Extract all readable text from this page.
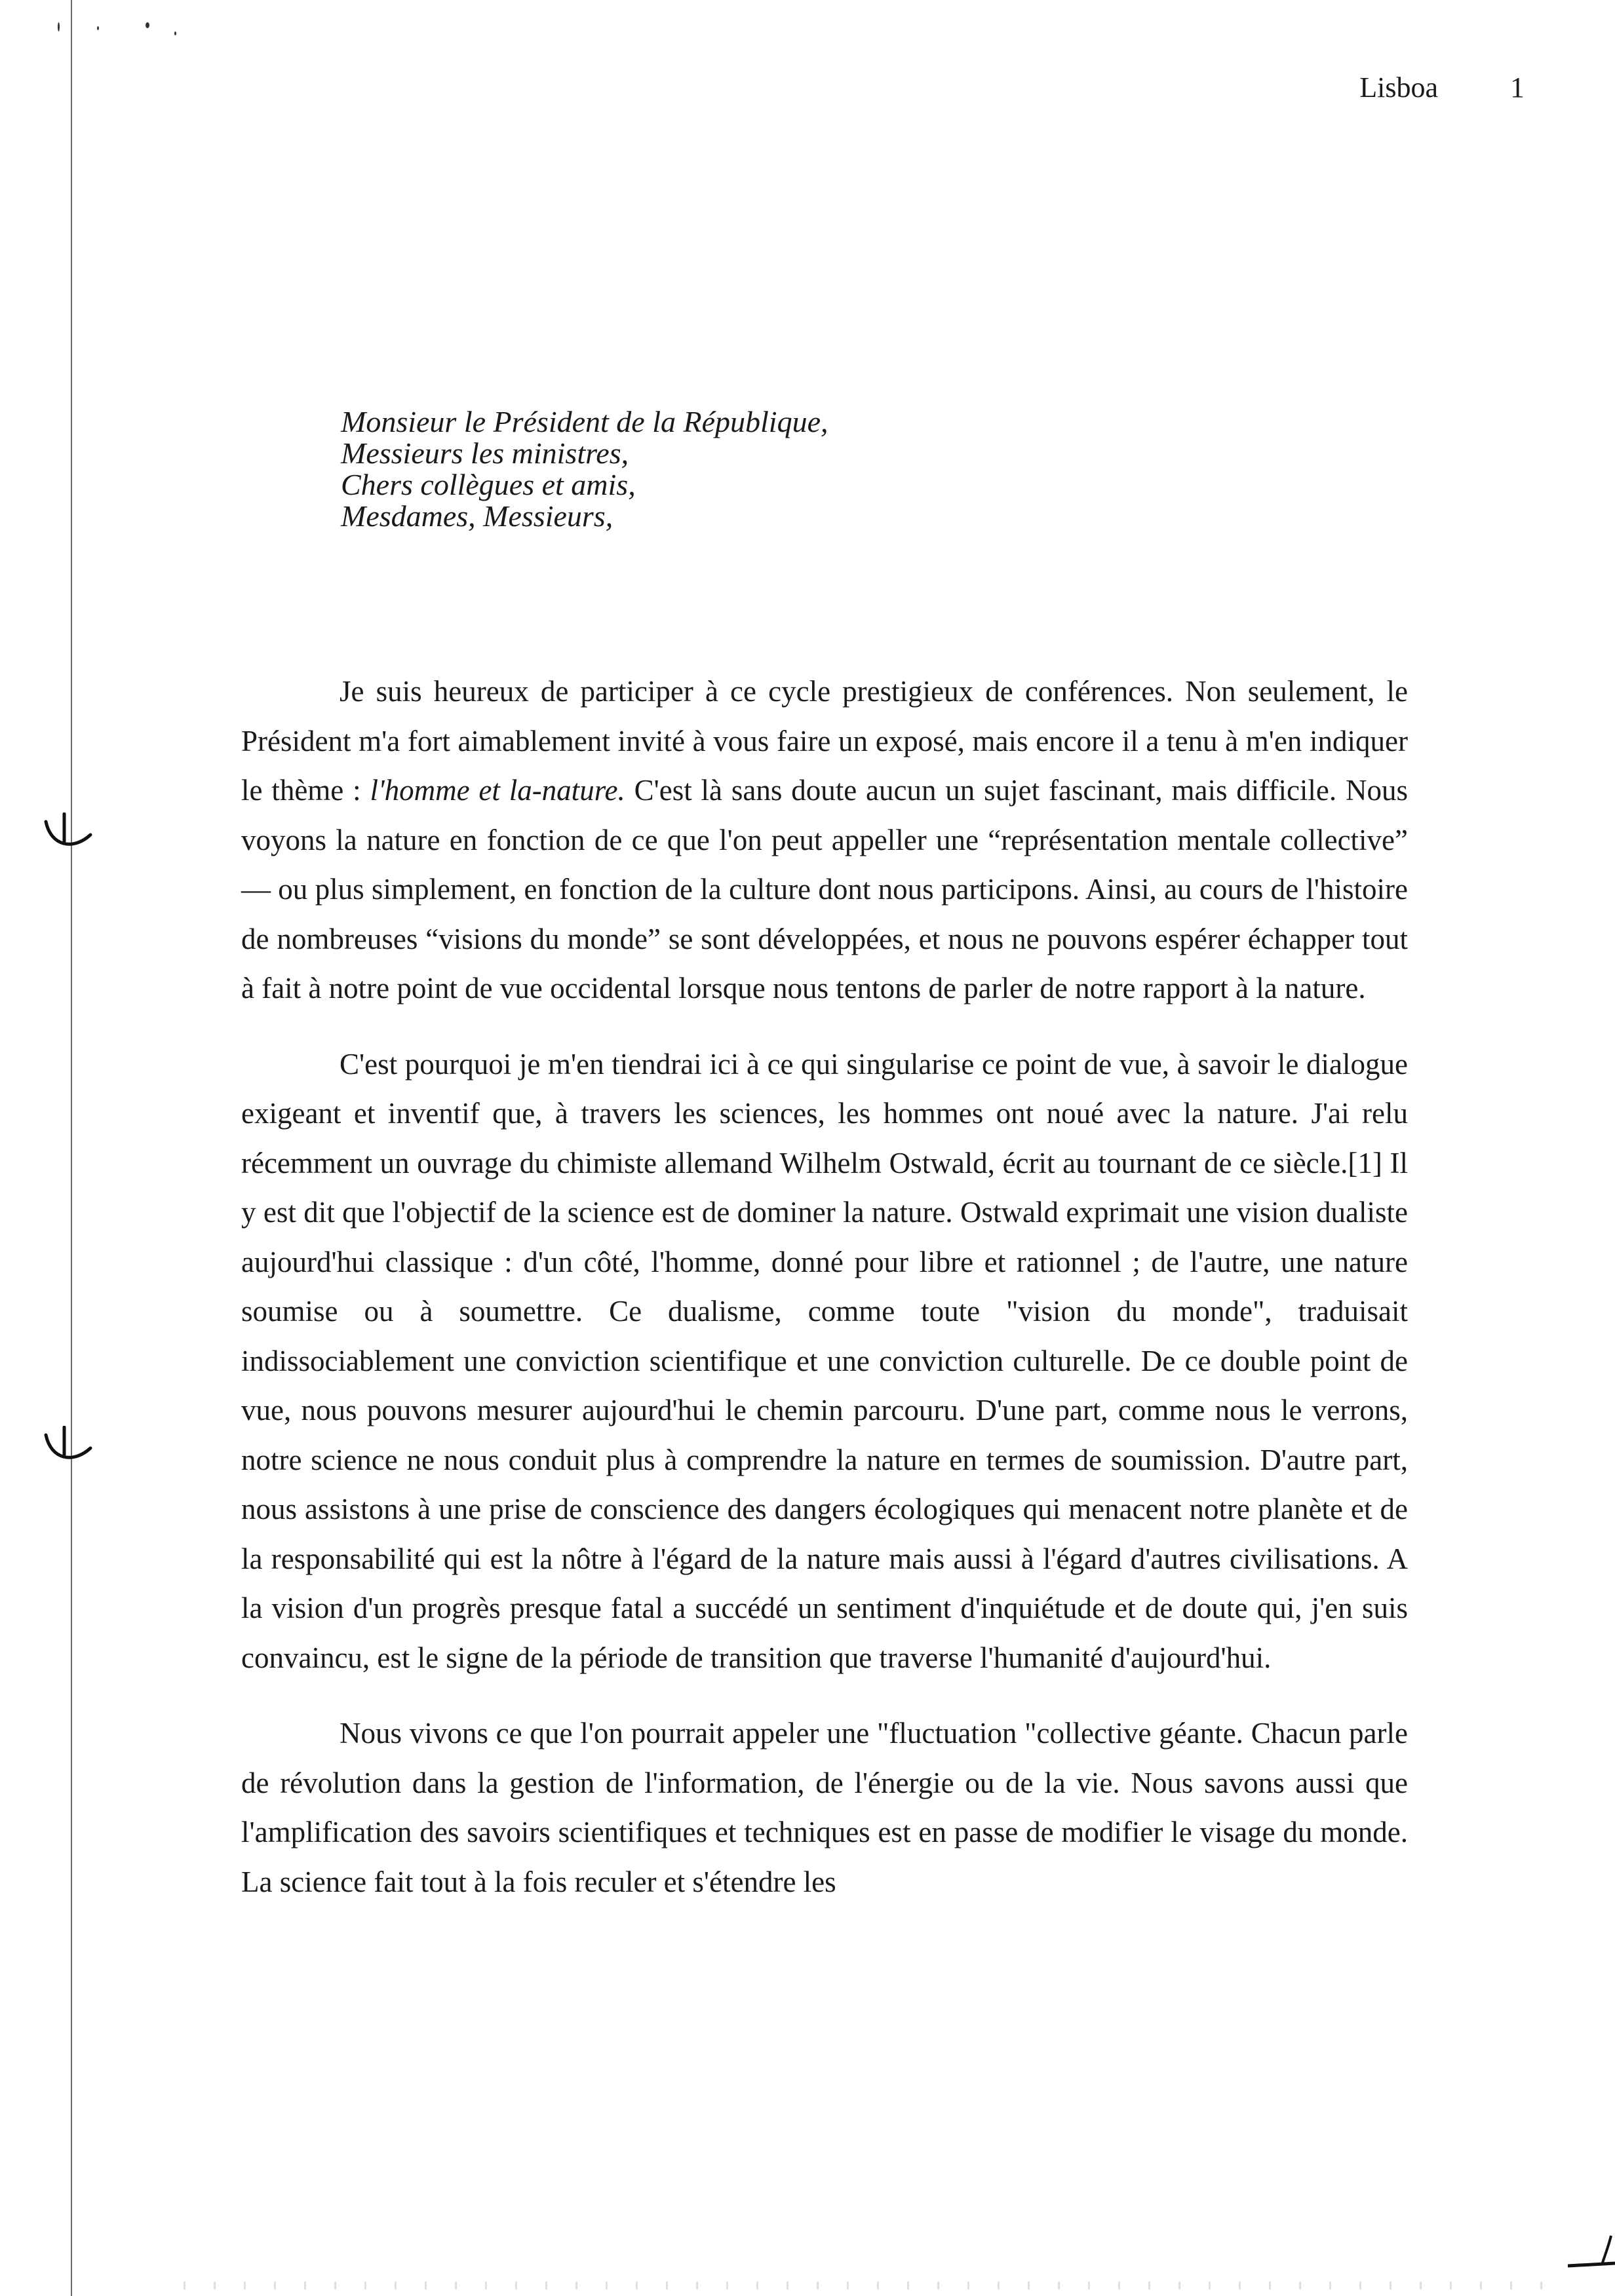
Lisboa	1
Monsieur le Président de la République,
Messieurs les ministres,
Chers collègues et amis,
Mesdames, Messieurs,

Je suis heureux de participer à ce cycle prestigieux de conférences. Non seulement, le Président m'a fort aimablement invité à vous faire un exposé, mais encore il a tenu à m'en indiquer le thème : l'homme et la-nature. C'est là sans doute aucun un sujet fascinant, mais difficile. Nous voyons la nature en fonction de ce que l'on peut appeller une “représentation mentale collective” — ou plus simplement, en fonction de la culture dont nous participons. Ainsi, au cours de l'histoire de nombreuses “visions du monde” se sont développées, et nous ne pouvons espérer échapper tout à fait à notre point de vue occidental lorsque nous tentons de parler de notre rapport à la nature.

C'est pourquoi je m'en tiendrai ici à ce qui singularise ce point de vue, à savoir le dialogue exigeant et inventif que, à travers les sciences, les hommes ont noué avec la nature. J'ai relu récemment un ouvrage du chimiste allemand Wilhelm Ostwald, écrit au tournant de ce siècle.[1] Il y est dit que l'objectif de la science est de dominer la nature. Ostwald exprimait une vision dualiste aujourd'hui classique : d'un côté, l'homme, donné pour libre et rationnel ; de l'autre, une nature soumise ou à soumettre. Ce dualisme, comme toute "vision du monde", traduisait indissociablement une conviction scientifique et une conviction culturelle. De ce double point de vue, nous pouvons mesurer aujourd'hui le chemin parcouru. D'une part, comme nous le verrons, notre science ne nous conduit plus à comprendre la nature en termes de soumission. D'autre part, nous assistons à une prise de conscience des dangers écologiques qui menacent notre planète et de la responsabilité qui est la nôtre à l'égard de la nature mais aussi à l'égard d'autres civilisations. A la vision d'un progrès presque fatal a succédé un sentiment d'inquiétude et de doute qui, j'en suis convaincu, est le signe de la période de transition que traverse l'humanité d'aujourd'hui.

Nous vivons ce que l'on pourrait appeler une "fluctuation "collective géante. Chacun parle de révolution dans la gestion de l'information, de l'énergie ou de la vie. Nous savons aussi que l'amplification des savoirs scientifiques et techniques est en passe de modifier le visage du monde. La science fait tout à la fois reculer et s'étendre les
